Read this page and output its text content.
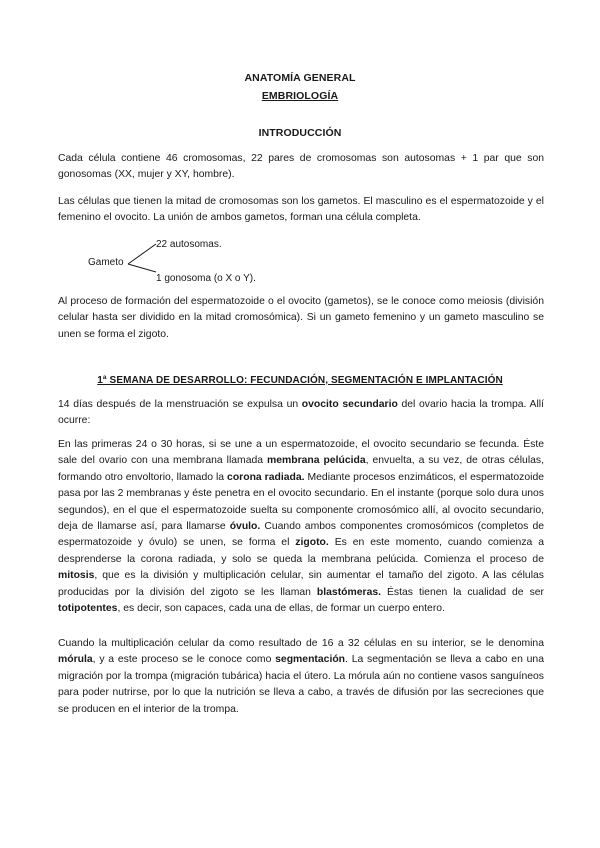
ANATOMÍA GENERAL
EMBRIOLOGÍA
INTRODUCCIÓN
Cada célula contiene 46 cromosomas, 22 pares de cromosomas son autosomas + 1 par que son gonosomas (XX, mujer y XY, hombre).
Las células que tienen la mitad de cromosomas son los gametos. El masculino es el espermatozoide y el femenino el ovocito. La unión de ambos gametos, forman una célula completa.
Gameto
22 autosomas.
1 gonosoma (o X o Y).
Al proceso de formación del espermatozoide o el ovocito (gametos), se le conoce como meiosis (división celular hasta ser dividido en la mitad cromosómica). Si un gameto femenino y un gameto masculino se unen se forma el zigoto.
1ª SEMANA DE DESARROLLO: FECUNDACIÓN, SEGMENTACIÓN E IMPLANTACIÓN
14 días después de la menstruación se expulsa un ovocito secundario del ovario hacia la trompa. Allí ocurre:
En las primeras 24 o 30 horas, si se une a un espermatozoide, el ovocito secundario se fecunda. Éste sale del ovario con una membrana llamada membrana pelúcida, envuelta, a su vez, de otras células, formando otro envoltorio, llamado la corona radiada. Mediante procesos enzimáticos, el espermatozoide pasa por las 2 membranas y éste penetra en el ovocito secundario. En el instante (porque solo dura unos segundos), en el que el espermatozoide suelta su componente cromosómico allí, al ovocito secundario, deja de llamarse así, para llamarse óvulo. Cuando ambos componentes cromosómicos (completos de espermatozoide y óvulo) se unen, se forma el zigoto. Es en este momento, cuando comienza a desprenderse la corona radiada, y solo se queda la membrana pelúcida. Comienza el proceso de mitosis, que es la división y multiplicación celular, sin aumentar el tamaño del zigoto. A las células producidas por la división del zigoto se les llaman blastómeras. Éstas tienen la cualidad de ser totipotentes, es decir, son capaces, cada una de ellas, de formar un cuerpo entero.
Cuando la multiplicación celular da como resultado de 16 a 32 células en su interior, se le denomina mórula, y a este proceso se le conoce como segmentación. La segmentación se lleva a cabo en una migración por la trompa (migración tubárica) hacia el útero. La mórula aún no contiene vasos sanguíneos para poder nutrirse, por lo que la nutrición se lleva a cabo, a través de difusión por las secreciones que se producen en el interior de la trompa.
